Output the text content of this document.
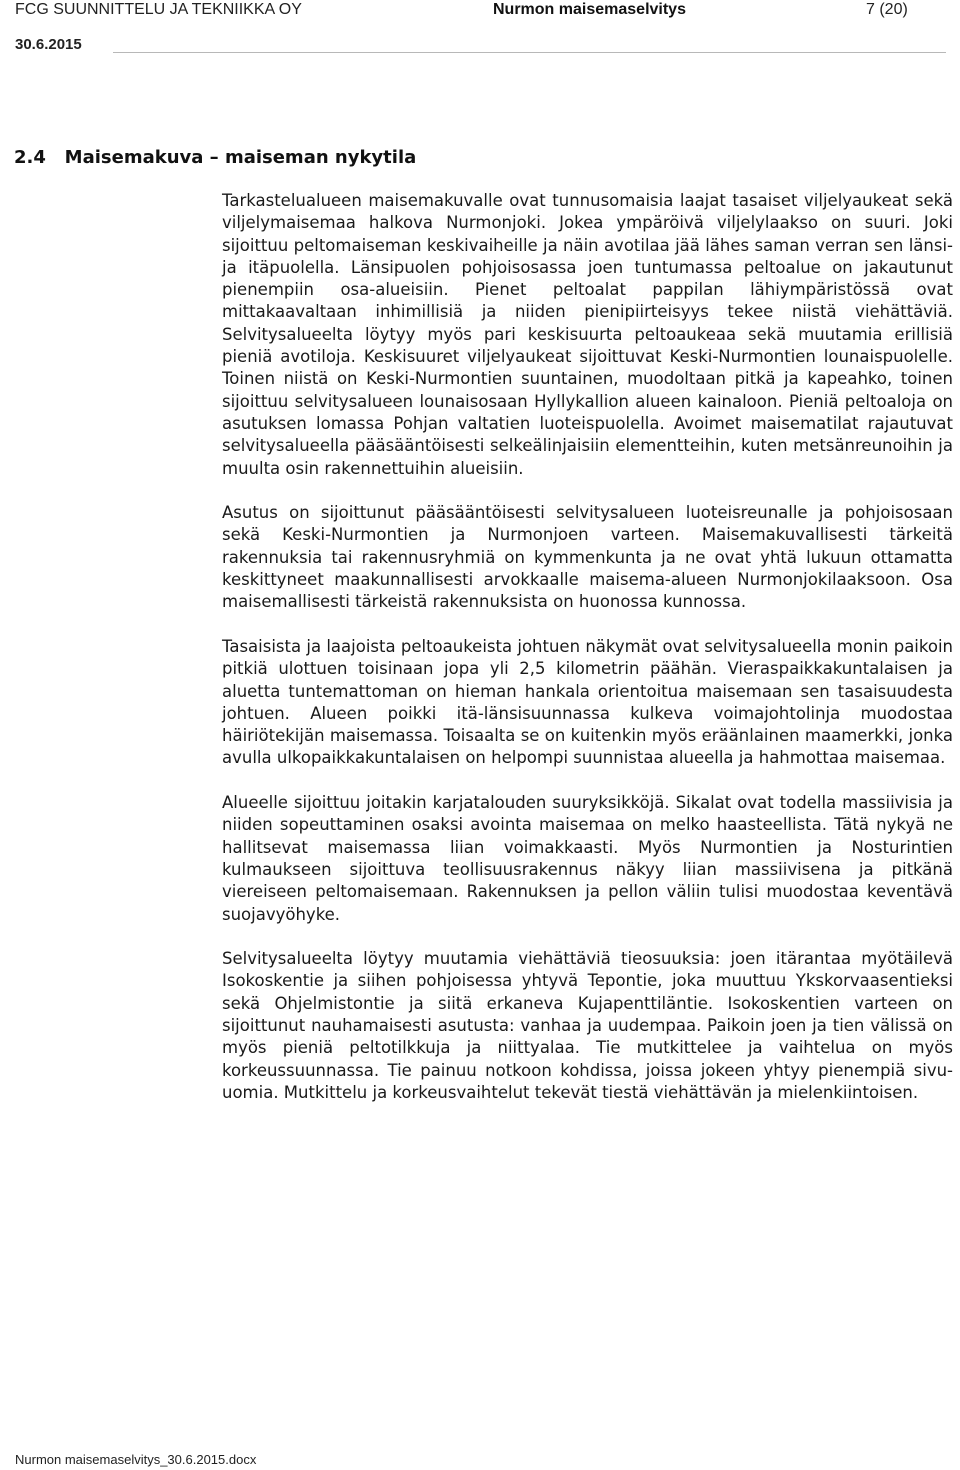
FCG SUUNNITTELU JA TEKNIIKKA OY	Nurmon maisemaselvitys	7 (20)
30.6.2015
2.4   Maisemakuva – maiseman nykytila

Tarkastelualueen maisemakuvalle ovat tunnusomaisia laajat tasaiset viljelyaukeat sekä viljelymaisemaa halkova Nurmonjoki. Jokea ympäröivä viljelylaakso on suuri. Joki sijoittuu peltomaiseman keskivaiheille ja näin avotilaa jää lähes saman verran sen länsi- ja itäpuolella. Länsipuolen pohjoisosassa joen tuntumassa peltoalue on jakautunut pienempiin osa-alueisiin. Pienet peltoalat pappilan lähiympäristössä ovat mittakaavaltaan inhimillisiä ja niiden pienipiirteisyys tekee niistä viehättäviä. Selvitysalueelta löytyy myös pari keskisuurta peltoaukeaa sekä muutamia erillisiä pieniä avotiloja. Keskisuuret viljelyaukeat sijoittuvat Keski-Nurmontien lounaispuolelle. Toinen niistä on Keski-Nurmontien suuntainen, muodoltaan pitkä ja kapeahko, toinen sijoittuu selvitysalueen lounaisosaan Hyllykallion alueen kainaloon. Pieniä peltoaloja on asutuksen lomassa Pohjan valtatien luoteispuolella. Avoimet maisematilat rajautuvat selvitysalueella pääsääntöisesti selkeälinjaisiin elementteihin, kuten metsänreunoihin ja muulta osin rakennettuihin alueisiin.

Asutus on sijoittunut pääsääntöisesti selvitysalueen luoteisreunalle ja pohjoisosaan sekä Keski-Nurmontien ja Nurmonjoen varteen. Maisemakuvallisesti tärkeitä rakennuksia tai rakennusryhmiä on kymmenkunta ja ne ovat yhtä lukuun ottamatta keskittyneet maakunnallisesti arvokkaalle maisema-alueen Nurmonjokilaaksoon. Osa maisemallisesti tärkeistä rakennuksista on huonossa kunnossa.

Tasaisista ja laajoista peltoaukeista johtuen näkymät ovat selvitysalueella monin paikoin pitkiä ulottuen toisinaan jopa yli 2,5 kilometrin päähän. Vieraspaikkakuntalaisen ja aluetta tuntemattoman on hieman hankala orientoitua maisemaan sen tasaisuudesta johtuen. Alueen poikki itä-länsisuunnassa kulkeva voimajohtolinja muodostaa häiriötekijän maisemassa. Toisaalta se on kuitenkin myös eräänlainen maamerkki, jonka avulla ulkopaikkakuntalaisen on helpompi suunnistaa alueella ja hahmottaa maisemaa.

Alueelle sijoittuu joitakin karjatalouden suuryksikköjä. Sikalat ovat todella massiivisia ja niiden sopeuttaminen osaksi avointa maisemaa on melko haasteellista. Tätä nykyä ne hallitsevat maisemassa liian voimakkaasti. Myös Nurmontien ja Nosturintien kulmaukseen sijoittuva teollisuusrakennus näkyy liian massiivisena ja pitkänä viereiseen peltomaisemaan. Rakennuksen ja pellon väliin tulisi muodostaa keventävä suojavyöhyke.

Selvitysalueelta löytyy muutamia viehättäviä tieosuuksia: joen itärantaa myötäilevä Isokoskentie ja siihen pohjoisessa yhtyvä Tepontie, joka muuttuu Ykskorvaasentieksi sekä Ohjelmistontie ja siitä erkaneva Kujapenttiläntie. Isokoskentien varteen on sijoittunut nauhamaisesti asutusta: vanhaa ja uudempaa. Paikoin joen ja tien välissä on myös pieniä peltotilkkuja ja niittyalaa. Tie mutkittelee ja vaihtelua on myös korkeussuunnassa. Tie painuu notkoon kohdissa, joissa jokeen yhtyy pienempiä sivu-uomia. Mutkittelu ja korkeusvaihtelut tekevät tiestä viehättävän ja mielenkiintoisen.

Nurmon maisemaselvitys_30.6.2015.docx
